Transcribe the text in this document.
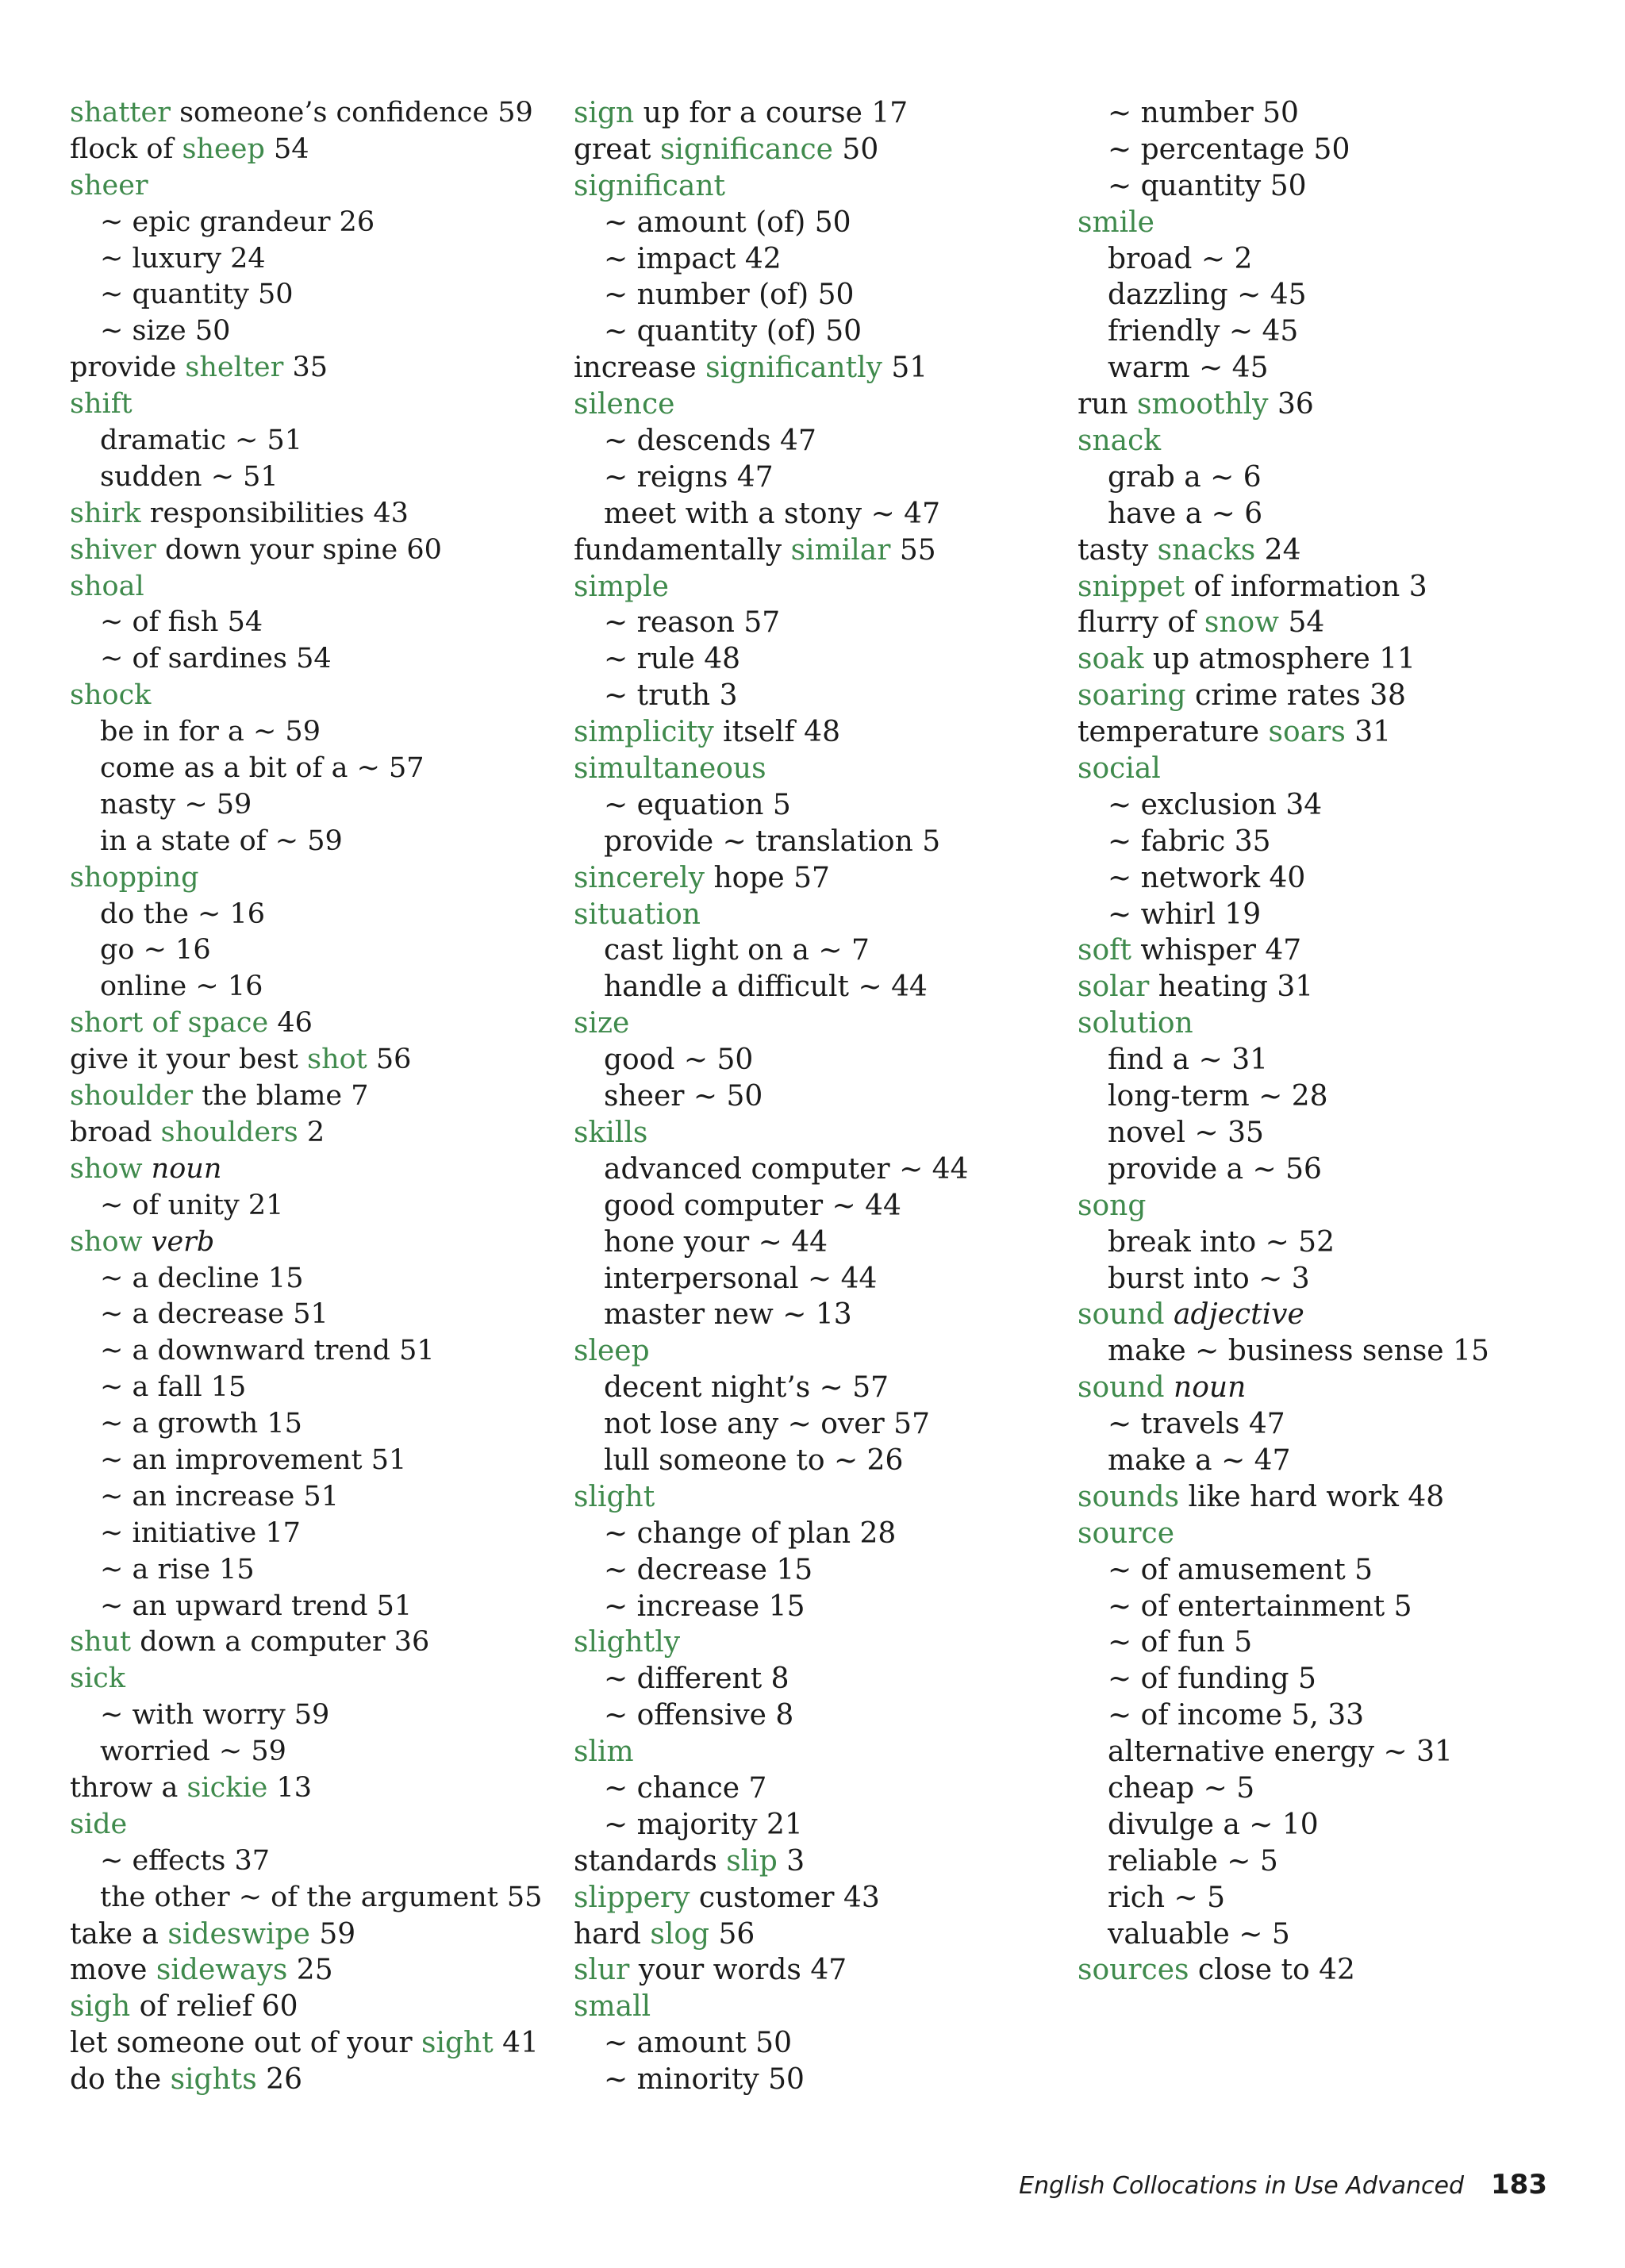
shatter someone’s confidence 59
flock of sheep 54
sheer
~ epic grandeur 26
~ luxury 24
~ quantity 50
~ size 50
provide shelter 35
shift
dramatic ~ 51
sudden ~ 51
shirk responsibilities 43
shiver down your spine 60
shoal
~ of fish 54
~ of sardines 54
shock
be in for a ~ 59
come as a bit of a ~ 57
nasty ~ 59
in a state of ~ 59
shopping
do the ~ 16
go ~ 16
online ~ 16
short of space 46
give it your best shot 56
shoulder the blame 7
broad shoulders 2
show noun
~ of unity 21
show verb
~ a decline 15
~ a decrease 51
~ a downward trend 51
~ a fall 15
~ a growth 15
~ an improvement 51
~ an increase 51
~ initiative 17
~ a rise 15
~ an upward trend 51
shut down a computer 36
sick
~ with worry 59
worried ~ 59
throw a sickie 13
side
~ effects 37
the other ~ of the argument 55
take a sideswipe 59
move sideways 25
sigh of relief 60
let someone out of your sight 41
do the sights 26
sign up for a course 17
great significance 50
significant
~ amount (of) 50
~ impact 42
~ number (of) 50
~ quantity (of) 50
increase significantly 51
silence
~ descends 47
~ reigns 47
meet with a stony ~ 47
fundamentally similar 55
simple
~ reason 57
~ rule 48
~ truth 3
simplicity itself 48
simultaneous
~ equation 5
provide ~ translation 5
sincerely hope 57
situation
cast light on a ~ 7
handle a difficult ~ 44
size
good ~ 50
sheer ~ 50
skills
advanced computer ~ 44
good computer ~ 44
hone your ~ 44
interpersonal ~ 44
master new ~ 13
sleep
decent night’s ~ 57
not lose any ~ over 57
lull someone to ~ 26
slight
~ change of plan 28
~ decrease 15
~ increase 15
slightly
~ different 8
~ offensive 8
slim
~ chance 7
~ majority 21
standards slip 3
slippery customer 43
hard slog 56
slur your words 47
small
~ amount 50
~ minority 50
~ number 50
~ percentage 50
~ quantity 50
smile
broad ~ 2
dazzling ~ 45
friendly ~ 45
warm ~ 45
run smoothly 36
snack
grab a ~ 6
have a ~ 6
tasty snacks 24
snippet of information 3
flurry of snow 54
soak up atmosphere 11
soaring crime rates 38
temperature soars 31
social
~ exclusion 34
~ fabric 35
~ network 40
~ whirl 19
soft whisper 47
solar heating 31
solution
find a ~ 31
long-term ~ 28
novel ~ 35
provide a ~ 56
song
break into ~ 52
burst into ~ 3
sound adjective
make ~ business sense 15
sound noun
~ travels 47
make a ~ 47
sounds like hard work 48
source
~ of amusement 5
~ of entertainment 5
~ of fun 5
~ of funding 5
~ of income 5, 33
alternative energy ~ 31
cheap ~ 5
divulge a ~ 10
reliable ~ 5
rich ~ 5
valuable ~ 5
sources close to 42
English Collocations in Use Advanced 183
